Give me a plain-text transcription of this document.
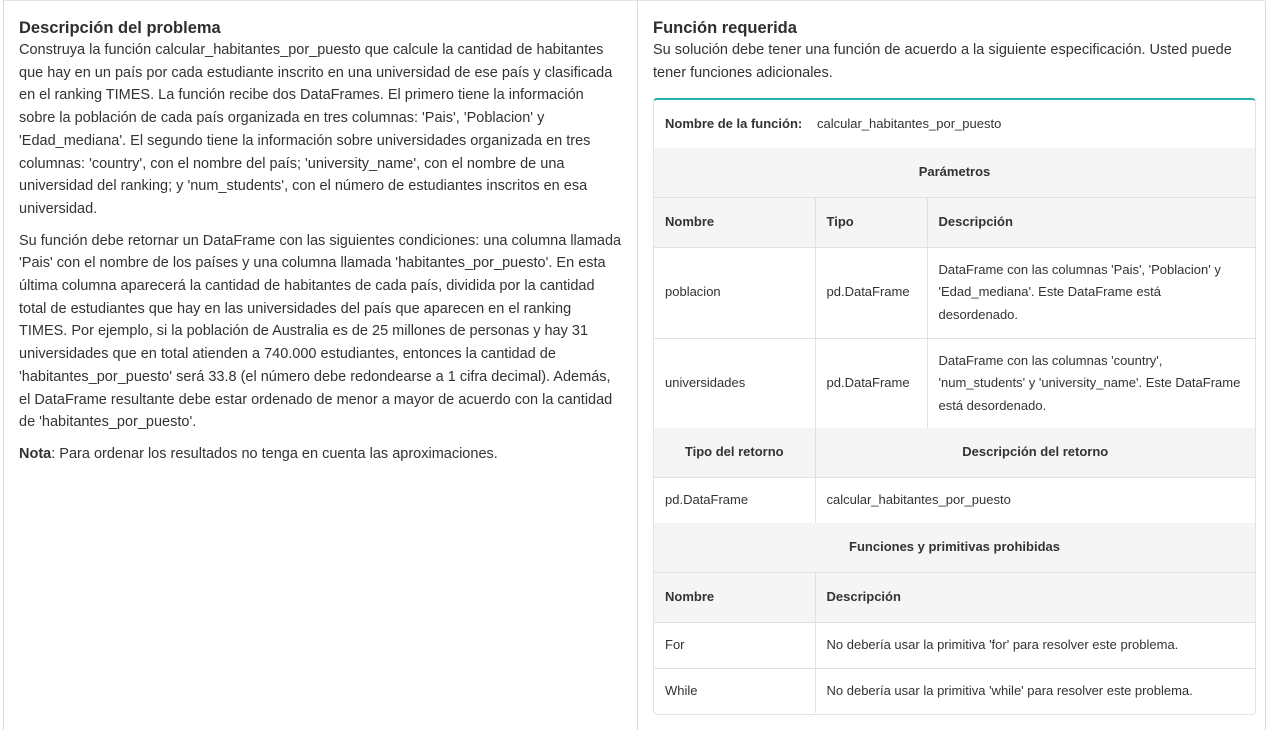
Descripción del problema

Construya la función calcular_habitantes_por_puesto que calcule la cantidad de habitantes que hay en un país por cada estudiante inscrito en una universidad de ese país y clasificada en el ranking TIMES. La función recibe dos DataFrames. El primero tiene la información sobre la población de cada país organizada en tres columnas: 'Pais', 'Poblacion' y 'Edad_mediana'. El segundo tiene la información sobre universidades organizada en tres columnas: 'country', con el nombre del país; 'university_name', con el nombre de una universidad del ranking; y 'num_students', con el número de estudiantes inscritos en esa universidad.

Su función debe retornar un DataFrame con las siguientes condiciones: una columna llamada 'Pais' con el nombre de los países y una columna llamada 'habitantes_por_puesto'. En esta última columna aparecerá la cantidad de habitantes de cada país, dividida por la cantidad total de estudiantes que hay en las universidades del país que aparecen en el ranking TIMES. Por ejemplo, si la población de Australia es de 25 millones de personas y hay 31 universidades que en total atienden a 740.000 estudiantes, entonces la cantidad de 'habitantes_por_puesto' será 33.8 (el número debe redondearse a 1 cifra decimal). Además, el DataFrame resultante debe estar ordenado de menor a mayor de acuerdo con la cantidad de 'habitantes_por_puesto'.

Nota: Para ordenar los resultados no tenga en cuenta las aproximaciones.

Función requerida

Su solución debe tener una función de acuerdo a la siguiente especificación. Usted puede tener funciones adicionales.

Nombre de la función:	calcular_habitantes_por_puesto	
Parámetros		
Nombre	Tipo	Descripción
poblacion	pd.DataFrame	DataFrame con las columnas 'Pais', 'Poblacion' y 'Edad_mediana'. Este DataFrame está desordenado.
universidades	pd.DataFrame	DataFrame con las columnas 'country', 'num_students' y 'university_name'. Este DataFrame está desordenado.
Tipo del retorno	Descripción del retorno	
pd.DataFrame	calcular_habitantes_por_puesto	
Funciones y primitivas prohibidas		
Nombre	Descripción	
For	No debería usar la primitiva 'for' para resolver este problema.	
While	No debería usar la primitiva 'while' para resolver este problema.	
